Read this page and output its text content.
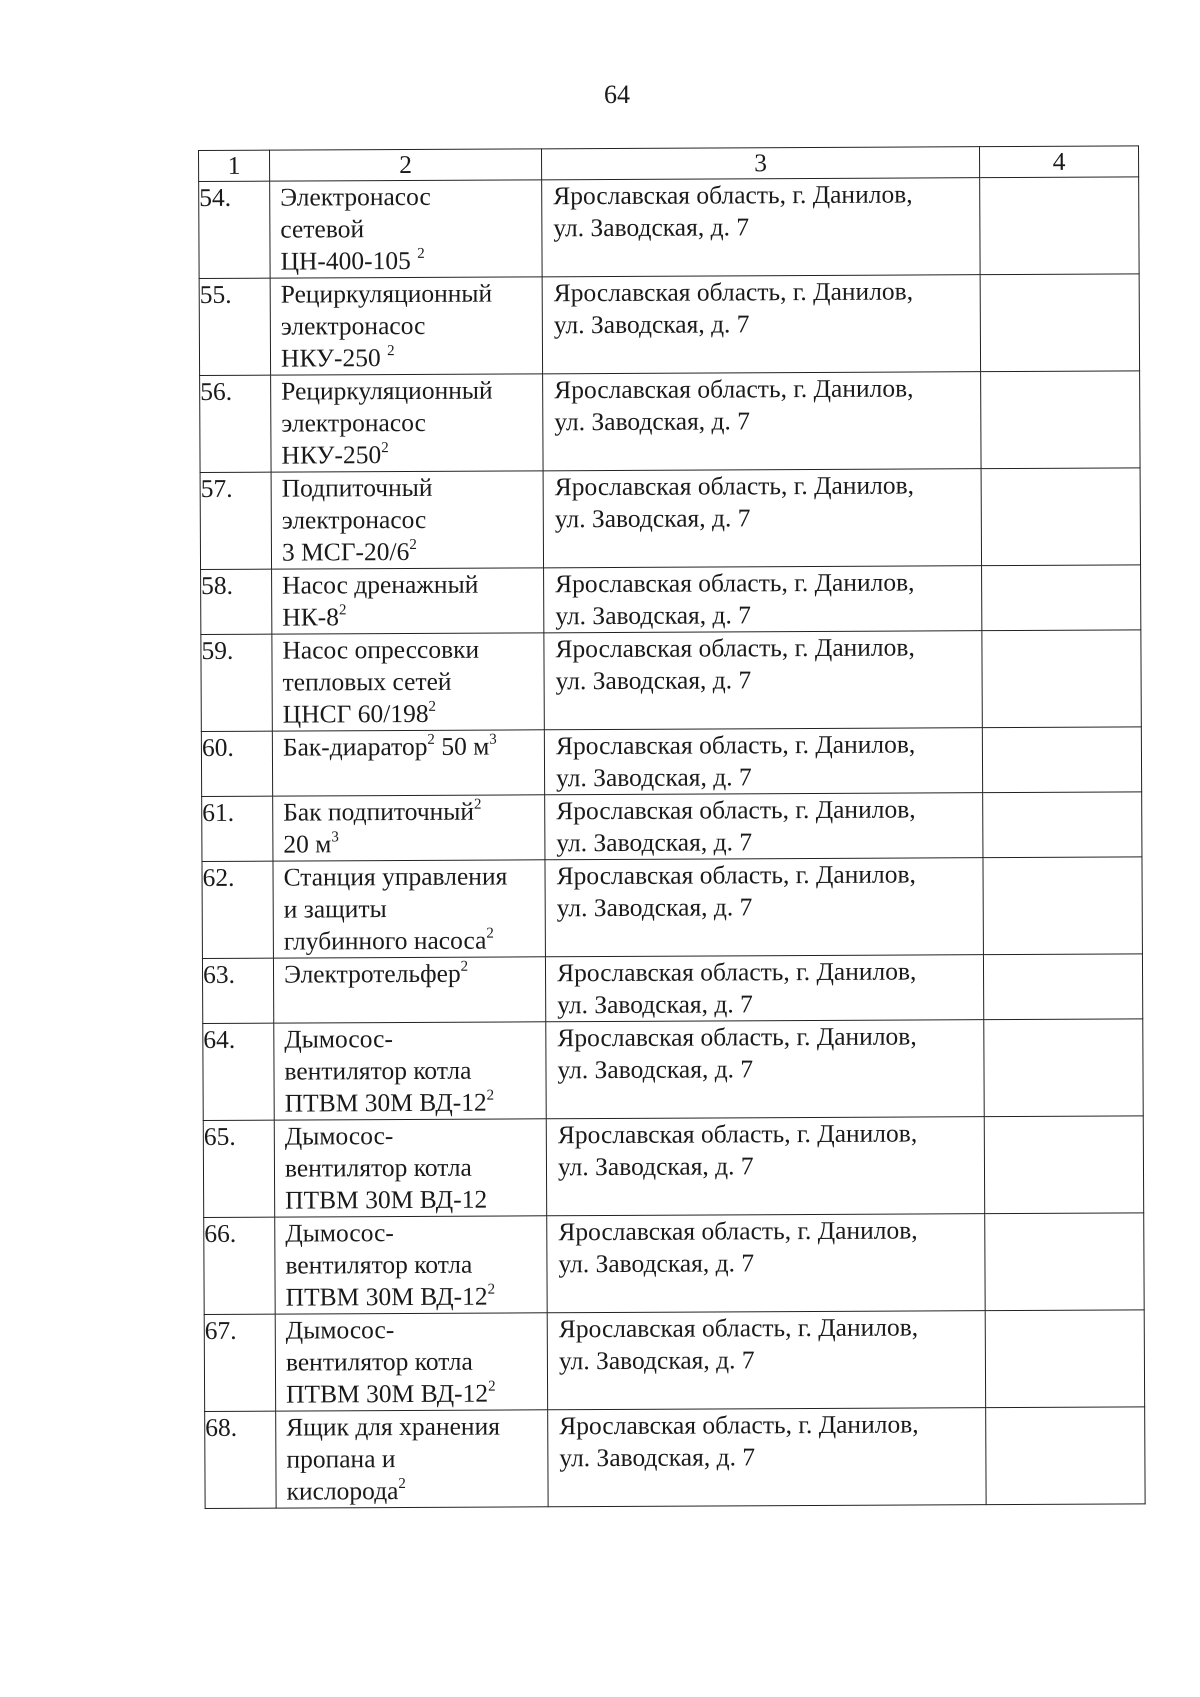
64
1	2	3	4
54.	Электронасос
сетевой
ЦН-400-105 $^2$	Ярославская область, г. Данилов,
ул. Заводская, д. 7	

55.	Рециркуляционный
электронасос
НКУ-250 $^2$	Ярославская область, г. Данилов,
ул. Заводская, д. 7	

56.	Рециркуляционный
электронасос
НКУ-$250^2$	Ярославская область, г. Данилов,
ул. Заводская, д. 7	

57.	Подпиточный
электронасос
3 МСГ-$20/6^2$	Ярославская область, г. Данилов,
ул. Заводская, д. 7	

58.	Насос дренажный
$НК-8^2$	Ярославская область, г. Данилов,
ул. Заводская, д. 7	

59.	Насос опрессовки
тепловых сетей
ЦНСГ $60/198^2$	Ярославская область, г. Данилов,
ул. Заводская, д. 7	

60.	Бак-диаратор$^2$ 50 $м^3$	Ярославская область, г. Данилов,
ул. Заводская, д. 7	

61.	Бак подпиточный$^2$
20 $м^3$	Ярославская область, г. Данилов,
ул. Заводская, д. 7	

62.	Станция управления
и защиты
глубинного насоса$^2$	Ярославская область, г. Данилов,
ул. Заводская, д. 7	

63.	Электротельфер$^2$	Ярославская область, г. Данилов,
ул. Заводская, д. 7	

64.	Дымосос-
вентилятор котла
ПТВМ 30М $ВД-12^2$	Ярославская область, г. Данилов,
ул. Заводская, д. 7	

65.	Дымосос-
вентилятор котла
ПТВМ 30М ВД-12	Ярославская область, г. Данилов,
ул. Заводская, д. 7	

66.	Дымосос-
вентилятор котла
ПТВМ 30М $ВД-12^2$	Ярославская область, г. Данилов,
ул. Заводская, д. 7	

67.	Дымосос-
вентилятор котла
ПТВМ 30М $ВД-12^2$	Ярославская область, г. Данилов,
ул. Заводская, д. 7	

68.	Ящик для хранения
пропана и
кислорода$^2$	Ярославская область, г. Данилов,
ул. Заводская, д. 7	
